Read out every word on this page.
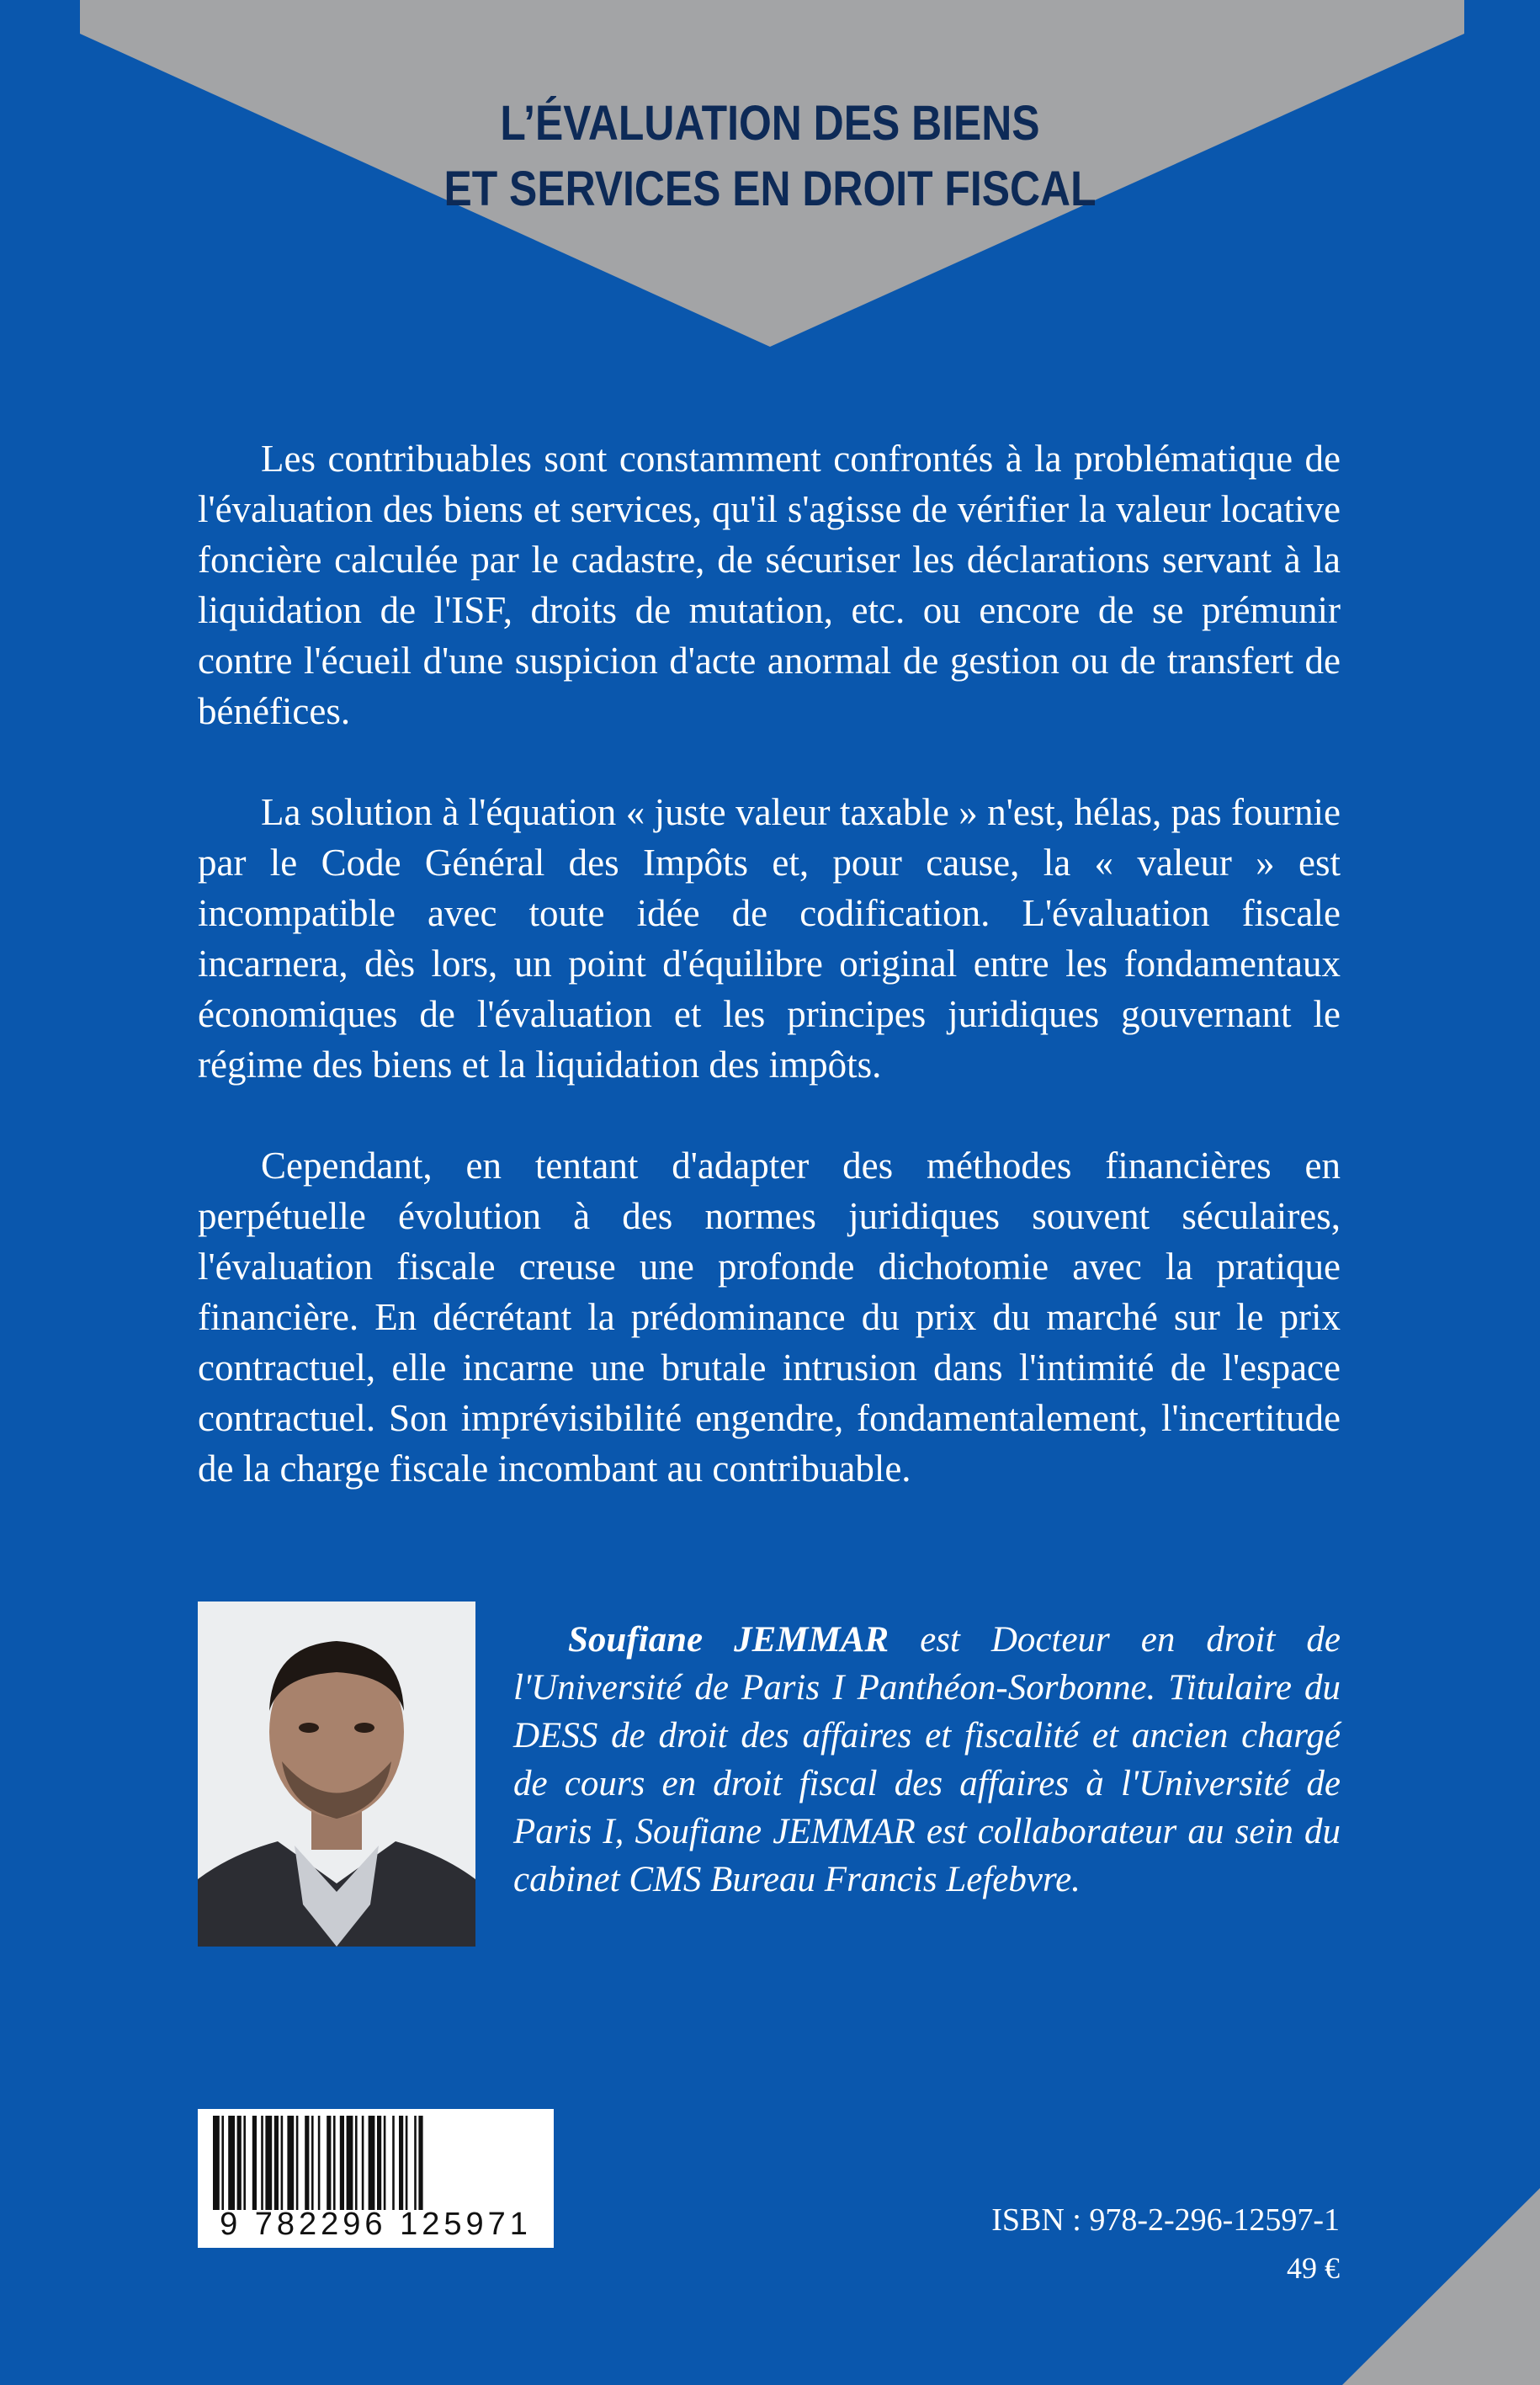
L’ÉVALUATION DES BIENS
ET SERVICES EN DROIT FISCAL

Les contribuables sont constamment confrontés à la problématique de l'évaluation des biens et services, qu'il s'agisse de vérifier la valeur locative foncière calculée par le cadastre, de sécuriser les déclarations servant à la liquidation de l'ISF, droits de mutation, etc. ou encore de se prémunir contre l'écueil d'une suspicion d'acte anormal de gestion ou de transfert de bénéfices.

La solution à l'équation « juste valeur taxable » n'est, hélas, pas fournie par le Code Général des Impôts et, pour cause, la « valeur » est incompatible avec toute idée de codification. L'évaluation fiscale incarnera, dès lors, un point d'équilibre original entre les fondamentaux économiques de l'évaluation et les principes juridiques gouvernant le régime des biens et la liquidation des impôts.

Cependant, en tentant d'adapter des méthodes financières en perpétuelle évolution à des normes juridiques souvent séculaires, l'évaluation fiscale creuse une profonde dichotomie avec la pratique financière. En décrétant la prédominance du prix du marché sur le prix contractuel, elle incarne une brutale intrusion dans l'intimité de l'espace contractuel. Son imprévisibilité engendre, fondamentalement, l'incertitude de la charge fiscale incombant au contribuable.

Soufiane JEMMAR est Docteur en droit de l'Université de Paris I Panthéon-Sorbonne. Titulaire du DESS de droit des affaires et fiscalité et ancien chargé de cours en droit fiscal des affaires à l'Université de Paris I, Soufiane JEMMAR est collaborateur au sein du cabinet CMS Bureau Francis Lefebvre.
9 782296 125971	ISBN : 978-2-296-12597-1
49 €
